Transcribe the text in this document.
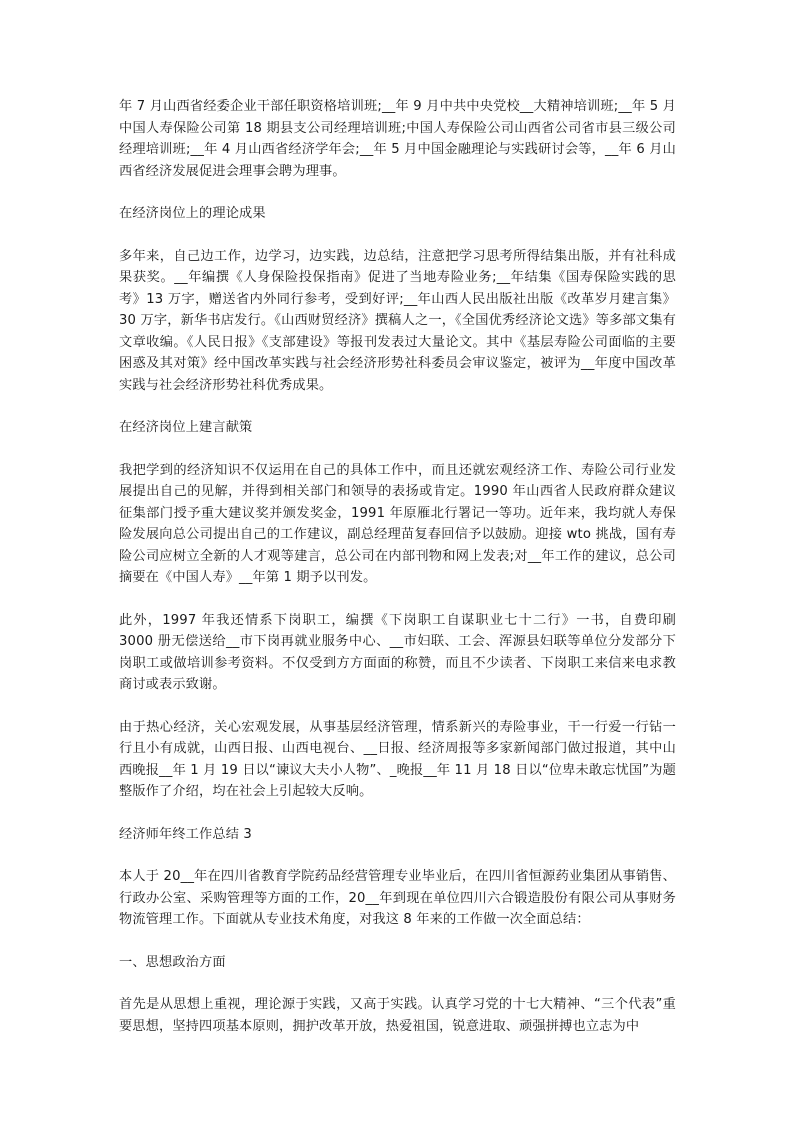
年 7 月山西省经委企业干部任职资格培训班;__年 9 月中共中央党校__大精神培训班;__年 5 月中国人寿保险公司第 18 期县支公司经理培训班;中国人寿保险公司山西省公司省市县三级公司经理培训班;__年 4 月山西省经济学年会;__年 5 月中国金融理论与实践研讨会等，__年 6 月山西省经济发展促进会理事会聘为理事。

在经济岗位上的理论成果

多年来，自己边工作，边学习，边实践，边总结，注意把学习思考所得结集出版，并有社科成果获奖。__年编撰《人身保险投保指南》促进了当地寿险业务;__年结集《国寿保险实践的思考》13 万字，赠送省内外同行参考，受到好评;__年山西人民出版社出版《改革岁月建言集》30 万字，新华书店发行。《山西财贸经济》撰稿人之一，《全国优秀经济论文选》等多部文集有文章收编。《人民日报》《支部建设》等报刊发表过大量论文。其中《基层寿险公司面临的主要困惑及其对策》经中国改革实践与社会经济形势社科委员会审议鉴定，被评为__年度中国改革实践与社会经济形势社科优秀成果。

在经济岗位上建言献策

我把学到的经济知识不仅运用在自己的具体工作中，而且还就宏观经济工作、寿险公司行业发展提出自己的见解，并得到相关部门和领导的表扬或肯定。1990 年山西省人民政府群众建议征集部门授予重大建议奖并颁发奖金，1991 年原雁北行署记一等功。近年来，我均就人寿保险发展向总公司提出自己的工作建议，副总经理苗复春回信予以鼓励。迎接 wto 挑战，国有寿险公司应树立全新的人才观等建言，总公司在内部刊物和网上发表;对__年工作的建议，总公司摘要在《中国人寿》__年第 1 期予以刊发。

此外，1997 年我还情系下岗职工，编撰《下岗职工自谋职业七十二行》一书，自费印刷 3000 册无偿送给__市下岗再就业服务中心、__市妇联、工会、浑源县妇联等单位分发部分下岗职工或做培训参考资料。不仅受到方方面面的称赞，而且不少读者、下岗职工来信来电求教商讨或表示致谢。

由于热心经济，关心宏观发展，从事基层经济管理，情系新兴的寿险事业，干一行爱一行钻一行且小有成就，山西日报、山西电视台、__日报、经济周报等多家新闻部门做过报道，其中山西晚报__年 1 月 19 日以“谏议大夫小人物”、_晚报__年 11 月 18 日以“位卑未敢忘忧国”为题整版作了介绍，均在社会上引起较大反响。

经济师年终工作总结 3

本人于 20__年在四川省教育学院药品经营管理专业毕业后，在四川省恒源药业集团从事销售、行政办公室、采购管理等方面的工作，20__年到现在单位四川六合锻造股份有限公司从事财务物流管理工作。下面就从专业技术角度，对我这 8 年来的工作做一次全面总结：

一、思想政治方面

首先是从思想上重视，理论源于实践，又高于实践。认真学习党的十七大精神、“三个代表”重要思想，坚持四项基本原则，拥护改革开放，热爱祖国，锐意进取、顽强拼搏也立志为中
